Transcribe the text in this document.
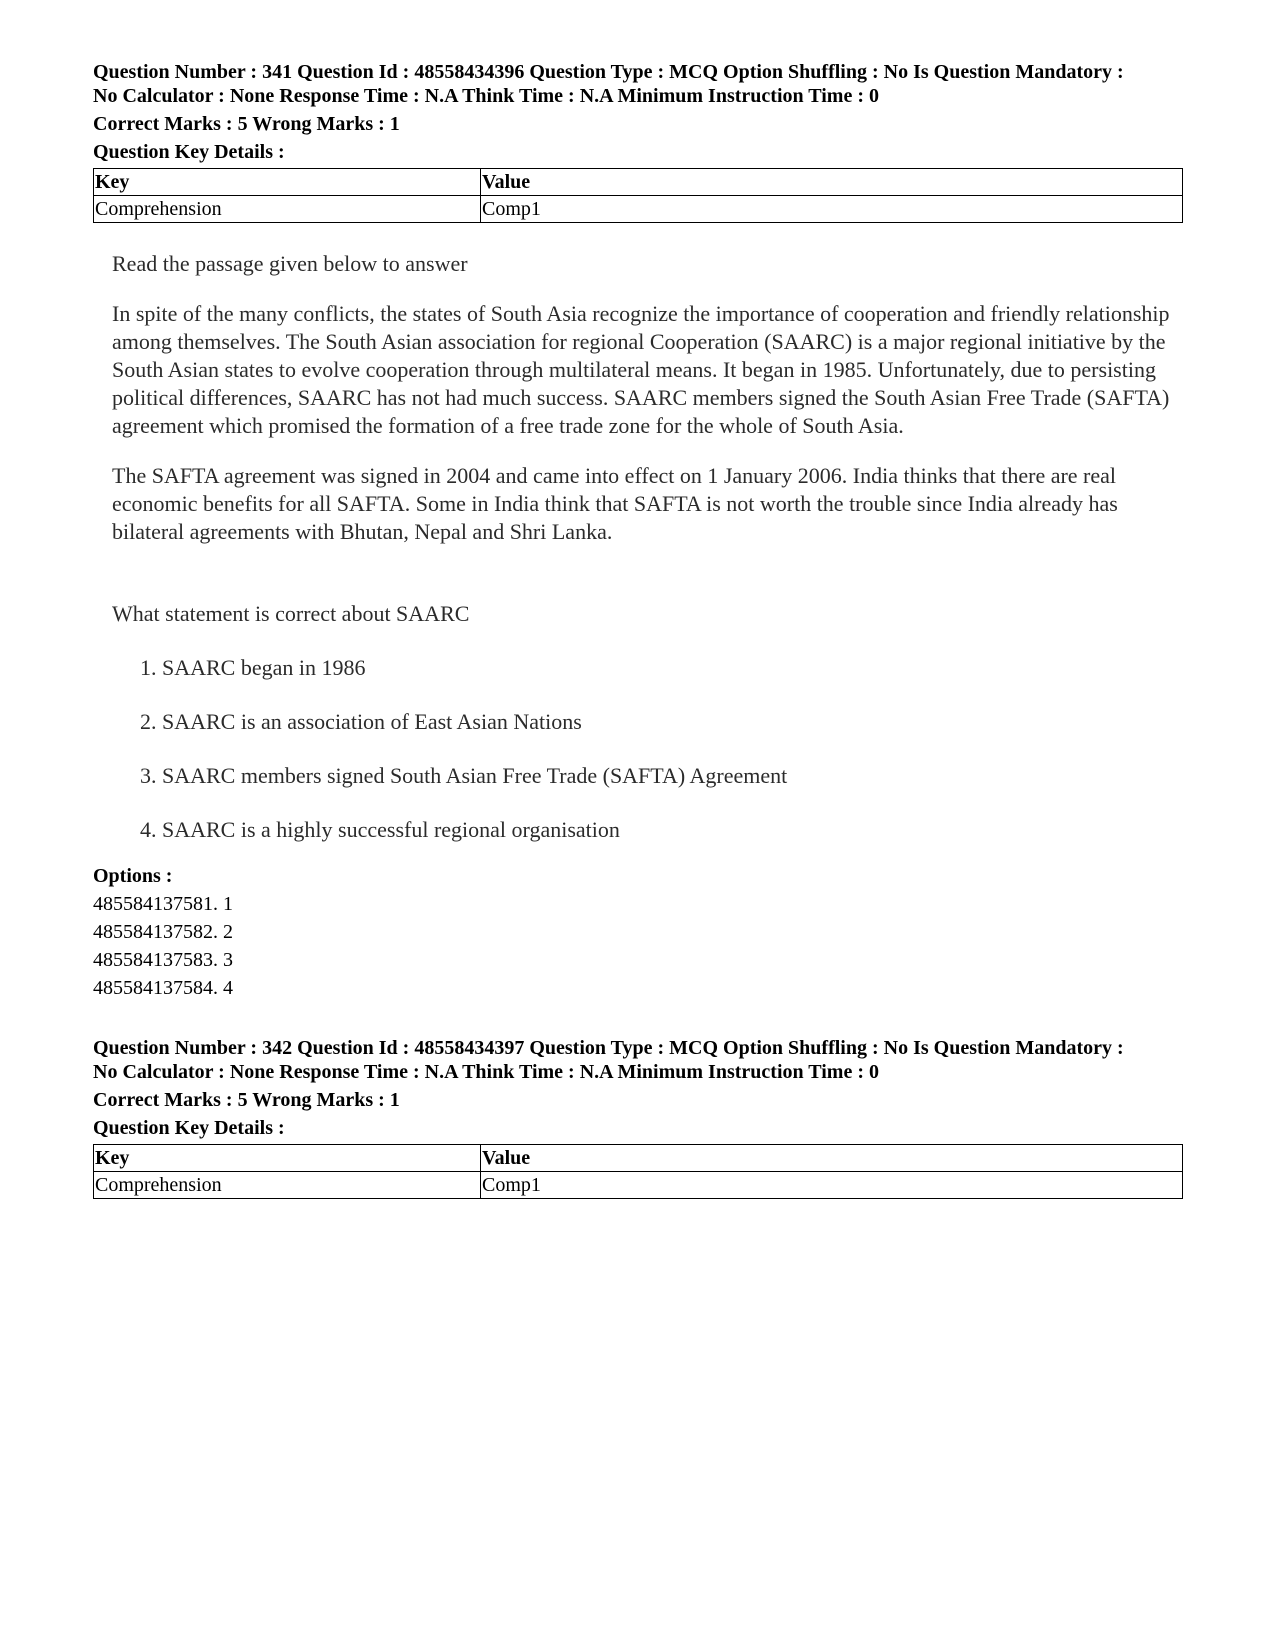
Question Number : 341 Question Id : 48558434396 Question Type : MCQ Option Shuffling : No Is Question Mandatory :

No Calculator : None Response Time : N.A Think Time : N.A Minimum Instruction Time : 0

Correct Marks : 5 Wrong Marks : 1
Question Key Details :
Key	Value
Comprehension	Comp1

Read the passage given below to answer

In spite of the many conflicts, the states of South Asia recognize the importance of cooperation and friendly relationship among themselves. The South Asian association for regional Cooperation (SAARC) is a major regional initiative by the South Asian states to evolve cooperation through multilateral means. It began in 1985. Unfortunately, due to persisting political differences, SAARC has not had much success. SAARC members signed the South Asian Free Trade (SAFTA) agreement which promised the formation of a free trade zone for the whole of South Asia.

The SAFTA agreement was signed in 2004 and came into effect on 1 January 2006. India thinks that there are real economic benefits for all SAFTA. Some in India think that SAFTA is not worth the trouble since India already has bilateral agreements with Bhutan, Nepal and Shri Lanka.

What statement is correct about SAARC

1. SAARC began in 1986
2. SAARC is an association of East Asian Nations
3. SAARC members signed South Asian Free Trade (SAFTA) Agreement
4. SAARC is a highly successful regional organisation
Options :

485584137581. 1

485584137582. 2

485584137583. 3

485584137584. 4

Question Number : 342 Question Id : 48558434397 Question Type : MCQ Option Shuffling : No Is Question Mandatory :

No Calculator : None Response Time : N.A Think Time : N.A Minimum Instruction Time : 0

Correct Marks : 5 Wrong Marks : 1
Question Key Details :
Key	Value
Comprehension	Comp1
